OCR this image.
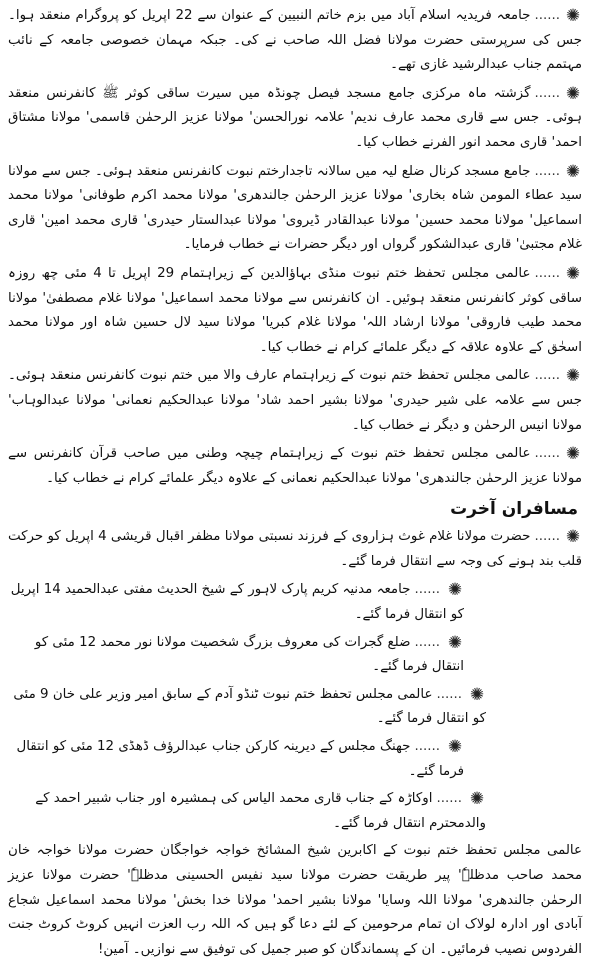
✺......جامعہ فریدیہ اسلام آباد میں بزم خاتم النبیین کے عنوان سے 22 اپریل کو پروگرام منعقد ہوا۔ جس کی سرپرستی حضرت مولانا فضل اللہ صاحب نے کی۔ جبکہ مہمان خصوصی جامعہ کے نائب مہتمم جناب عبدالرشید غازی تھے۔

✺......گزشتہ ماہ مرکزی جامع مسجد فیصل چونڈہ میں سیرت ساقی کوثر ﷺ کانفرنس منعقد ہوئی۔ جس سے قاری محمد عارف ندیم' علامہ نورالحسن' مولانا عزیز الرحمٰن قاسمی' مولانا مشتاق احمد' قاری محمد انور الفرنے خطاب کیا۔

✺......جامع مسجد کرنال ضلع لیہ میں سالانہ تاجدارختم نبوت کانفرنس منعقد ہوئی۔ جس سے مولانا سید عطاء المومن شاہ بخاری' مولانا عزیز الرحمٰن جالندھری' مولانا محمد اکرم طوفانی' مولانا محمد اسماعیل' مولانا محمد حسین' مولانا عبدالقادر ڈیروی' مولانا عبدالستار حیدری' قاری محمد امین' قاری غلام مجتبیٰ' قاری عبدالشکور گرواں اور دیگر حضرات نے خطاب فرمایا۔

✺......عالمی مجلس تحفظ ختم نبوت منڈی بہاؤالدین کے زیراہتمام 29 اپریل تا 4 مئی چھ روزہ ساقی کوثر کانفرنس منعقد ہوئیں۔ ان کانفرنس سے مولانا محمد اسماعیل' مولانا غلام مصطفیٰ' مولانا محمد طیب فاروقی' مولانا ارشاد اللہ' مولانا غلام کبریا' مولانا سید لال حسین شاہ اور مولانا محمد اسحٰق کے علاوہ علاقہ کے دیگر علمائے کرام نے خطاب کیا۔

✺......عالمی مجلس تحفظ ختم نبوت کے زیراہتمام عارف والا میں ختم نبوت کانفرنس منعقد ہوئی۔ جس سے علامہ علی شیر حیدری' مولانا بشیر احمد شاد' مولانا عبدالحکیم نعمانی' مولانا عبدالوہاب' مولانا انیس الرحمٰن و دیگر نے خطاب کیا۔

✺......عالمی مجلس تحفظ ختم نبوت کے زیراہتمام چیچہ وطنی میں صاحب قرآن کانفرنس سے مولانا عزیز الرحمٰن جالندھری' مولانا عبدالحکیم نعمانی کے علاوہ دیگر علمائے کرام نے خطاب کیا۔

مسافران آخرت

✺......حضرت مولانا غلام غوث ہزاروی کے فرزند نسبتی مولانا مظفر اقبال قریشی 4 اپریل کو حرکت قلب بند ہونے کی وجہ سے انتقال فرما گئے۔

✺......جامعہ مدنیہ کریم پارک لاہور کے شیخ الحدیث مفتی عبدالحمید 14 اپریل کو انتقال فرما گئے۔
✺......ضلع گجرات کی معروف بزرگ شخصیت مولانا نور محمد 12 مئی کو انتقال فرما گئے۔
✺......عالمی مجلس تحفظ ختم نبوت ٹنڈو آدم کے سابق امیر وزیر علی خان 9 مئی کو انتقال فرما گئے۔
✺......جھنگ مجلس کے دیرینہ کارکن جناب عبدالرؤف ڈھڈی 12 مئی کو انتقال فرما گئے۔
✺......اوکاڑہ کے جناب قاری محمد الیاس کی ہمشیرہ اور جناب شبیر احمد کے والدمحترم انتقال فرما گئے۔

عالمی مجلس تحفظ ختم نبوت کے اکابرین شیخ المشائخ خواجہ خواجگان حضرت مولانا خواجہ خان محمد صاحب مدظلہٗ' پیر طریقت حضرت مولانا سید نفیس الحسینی مدظلہٗ' حضرت مولانا عزیز الرحمٰن جالندھری' مولانا اللہ وسایا' مولانا بشیر احمد' مولانا خدا بخش' مولانا محمد اسماعیل شجاع آبادی اور ادارہ لولاک ان تمام مرحومین کے لئے دعا گو ہیں کہ اللہ رب العزت انہیں کروٹ کروٹ جنت الفردوس نصیب فرمائیں۔ ان کے پسماندگان کو صبر جمیل کی توفیق سے نوازیں۔ آمین!
